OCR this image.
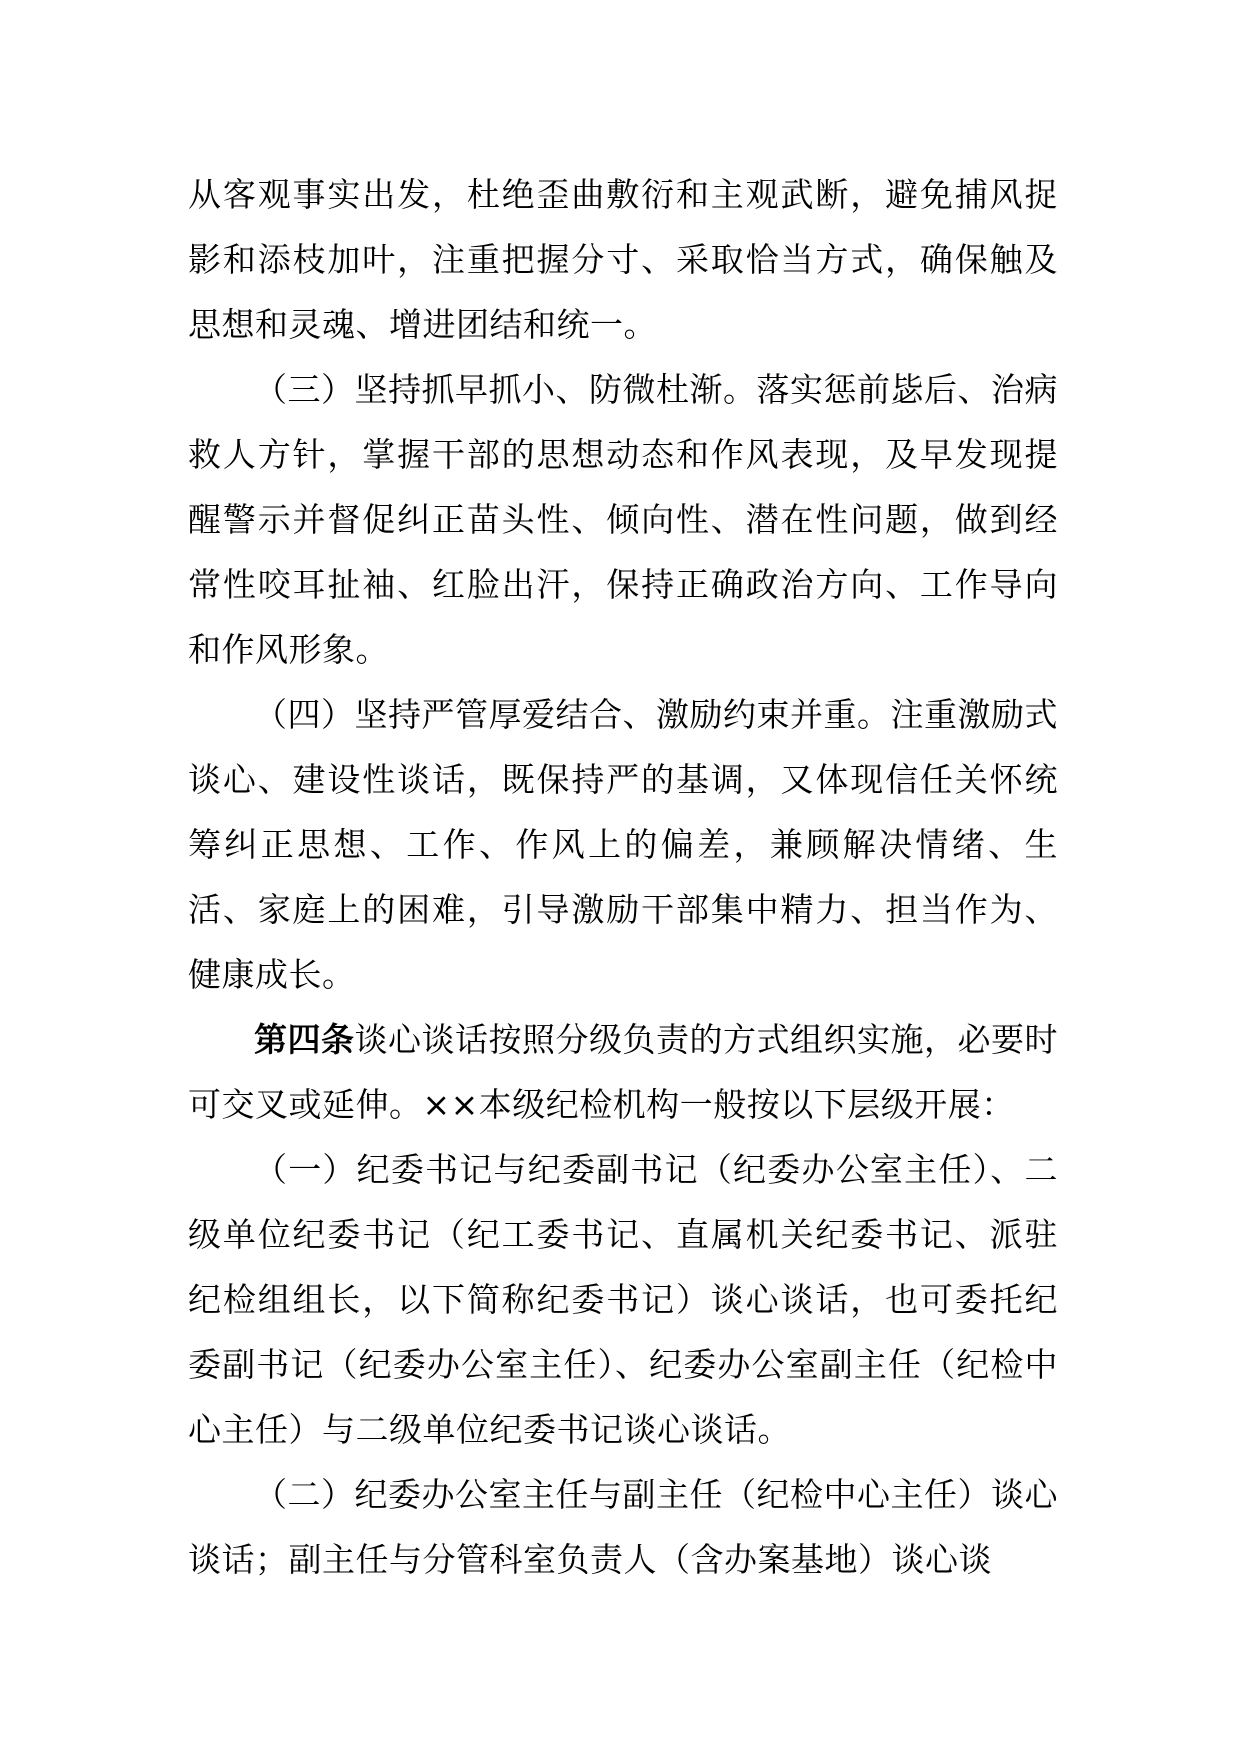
从客观事实出发，杜绝歪曲敷衍和主观武断，避免捕风捉影和添枝加叶，注重把握分寸、采取恰当方式，确保触及思想和灵魂、增进团结和统一。

（三）坚持抓早抓小、防微杜渐。落实惩前毖后、治病救人方针，掌握干部的思想动态和作风表现，及早发现提醒警示并督促纠正苗头性、倾向性、潜在性问题，做到经常性咬耳扯袖、红脸出汗，保持正确政治方向、工作导向和作风形象。

（四）坚持严管厚爱结合、激励约束并重。注重激励式谈心、建设性谈话，既保持严的基调，又体现信任关怀统筹纠正思想、工作、作风上的偏差，兼顾解决情绪、生活、家庭上的困难，引导激励干部集中精力、担当作为、健康成长。

第四条谈心谈话按照分级负责的方式组织实施，必要时可交叉或延伸。××本级纪检机构一般按以下层级开展：

（一）纪委书记与纪委副书记（纪委办公室主任）、二级单位纪委书记（纪工委书记、直属机关纪委书记、派驻纪检组组长，以下简称纪委书记）谈心谈话，也可委托纪委副书记（纪委办公室主任）、纪委办公室副主任（纪检中心主任）与二级单位纪委书记谈心谈话。

（二）纪委办公室主任与副主任（纪检中心主任）谈心谈话；副主任与分管科室负责人（含办案基地）谈心谈
